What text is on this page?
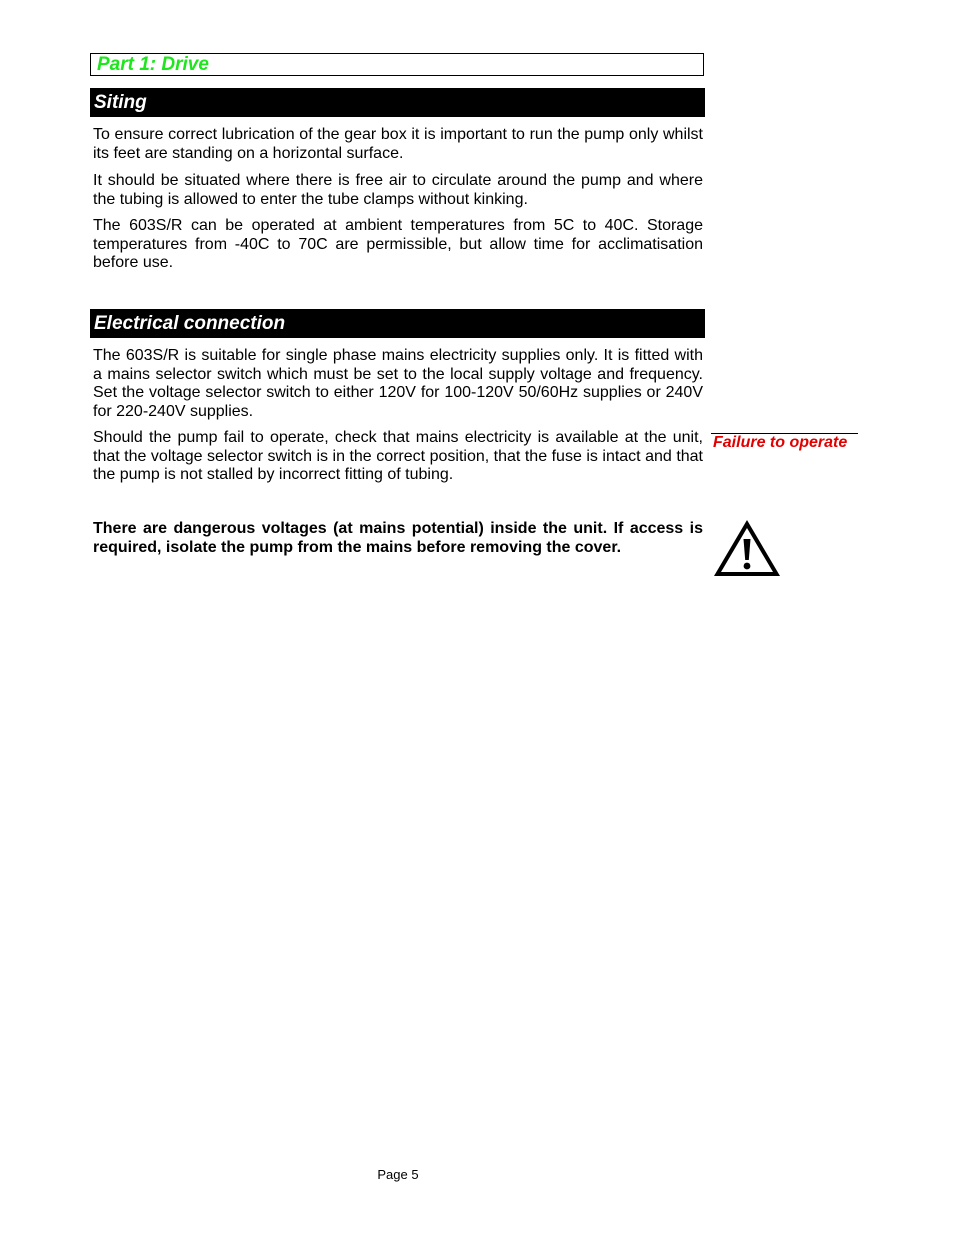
Part 1: Drive
Siting

To ensure correct lubrication of the gear box it is important to run the pump only whilst its feet are standing on a horizontal surface.

It should be situated where there is free air to circulate around the pump and where the tubing is allowed to enter the tube clamps without kinking.

The 603S/R can be operated at ambient temperatures from 5C to 40C. Storage temperatures from -40C to 70C are permissible, but allow time for acclimatisation before use.

Electrical connection

The 603S/R is suitable for single phase mains electricity supplies only. It is fitted with a mains selector switch which must be set to the local supply voltage and frequency. Set the voltage selector switch to either 120V for 100-120V 50/60Hz supplies or 240V for 220-240V supplies.

Should the pump fail to operate, check that mains electricity is available at the unit, that the voltage selector switch is in the correct position, that the fuse is intact and that the pump is not stalled by incorrect fitting of tubing.

Failure to operate

There are dangerous voltages (at mains potential) inside the unit. If access is required, isolate the pump from the mains before removing the cover.

Page 5
